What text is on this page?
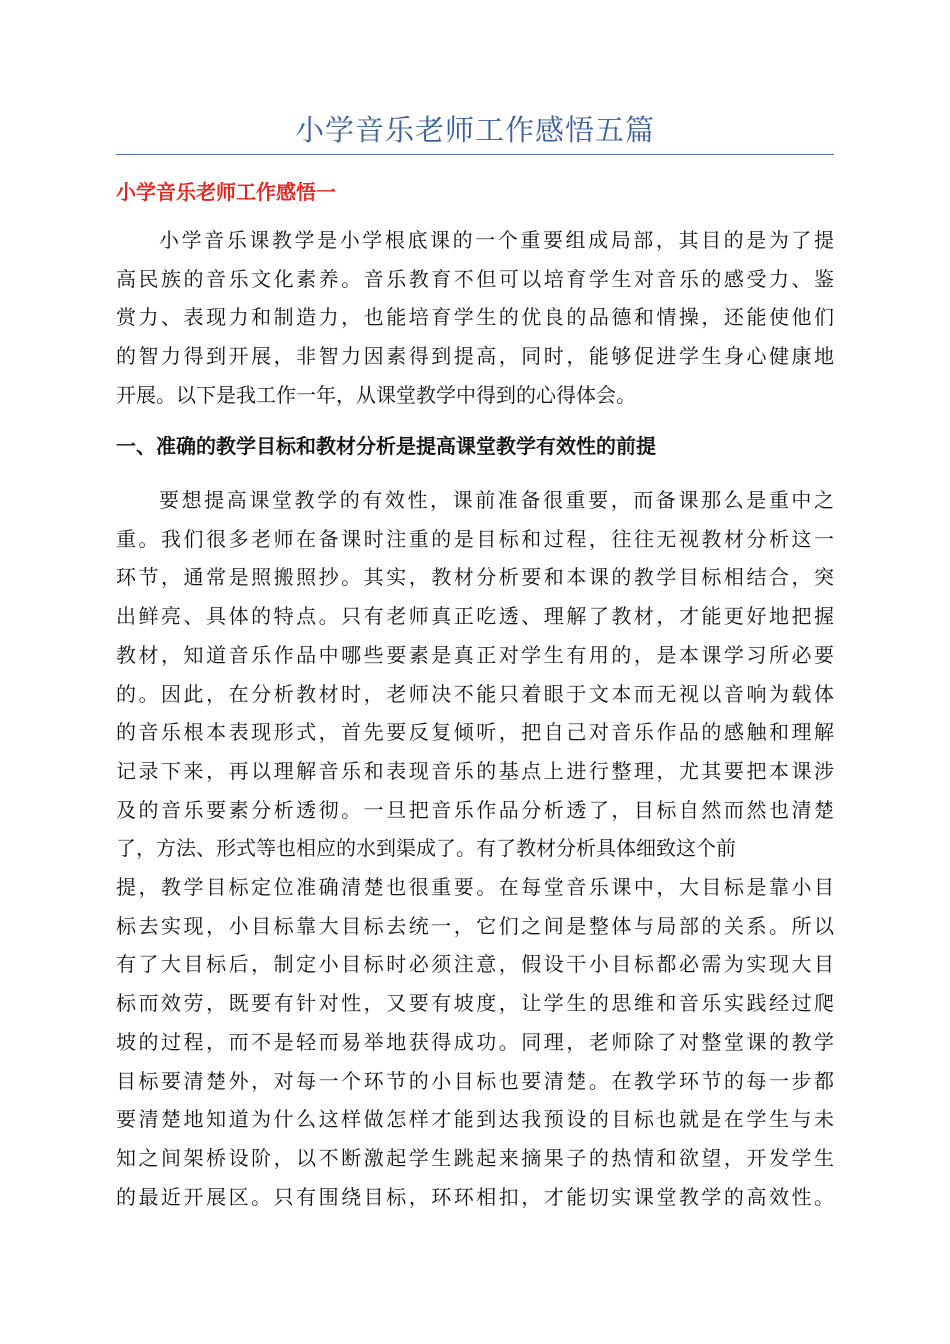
小学音乐老师工作感悟五篇
小学音乐老师工作感悟一

小学音乐课教学是小学根底课的一个重要组成局部，其目的是为了提
高民族的音乐文化素养。音乐教育不但可以培育学生对音乐的感受力、鉴
赏力、表现力和制造力，也能培育学生的优良的品德和情操，还能使他们
的智力得到开展，非智力因素得到提高，同时，能够促进学生身心健康地
开展。以下是我工作一年，从课堂教学中得到的心得体会。

一、准确的教学目标和教材分析是提高课堂教学有效性的前提

要想提高课堂教学的有效性，课前准备很重要，而备课那么是重中之
重。我们很多老师在备课时注重的是目标和过程，往往无视教材分析这一
环节，通常是照搬照抄。其实，教材分析要和本课的教学目标相结合，突
出鲜亮、具体的特点。只有老师真正吃透、理解了教材，才能更好地把握
教材，知道音乐作品中哪些要素是真正对学生有用的，是本课学习所必要
的。因此，在分析教材时，老师决不能只着眼于文本而无视以音响为载体
的音乐根本表现形式，首先要反复倾听，把自己对音乐作品的感触和理解
记录下来，再以理解音乐和表现音乐的基点上进行整理，尤其要把本课涉
及的音乐要素分析透彻。一旦把音乐作品分析透了，目标自然而然也清楚
了，方法、形式等也相应的水到渠成了。有了教材分析具体细致这个前
提，教学目标定位准确清楚也很重要。在每堂音乐课中，大目标是靠小目
标去实现，小目标靠大目标去统一，它们之间是整体与局部的关系。所以
有了大目标后，制定小目标时必须注意，假设干小目标都必需为实现大目
标而效劳，既要有针对性，又要有坡度，让学生的思维和音乐实践经过爬
坡的过程，而不是轻而易举地获得成功。同理，老师除了对整堂课的教学
目标要清楚外，对每一个环节的小目标也要清楚。在教学环节的每一步都
要清楚地知道为什么这样做怎样才能到达我预设的目标也就是在学生与未
知之间架桥设阶，以不断激起学生跳起来摘果子的热情和欲望，开发学生
的最近开展区。只有围绕目标，环环相扣，才能切实课堂教学的高效性。
